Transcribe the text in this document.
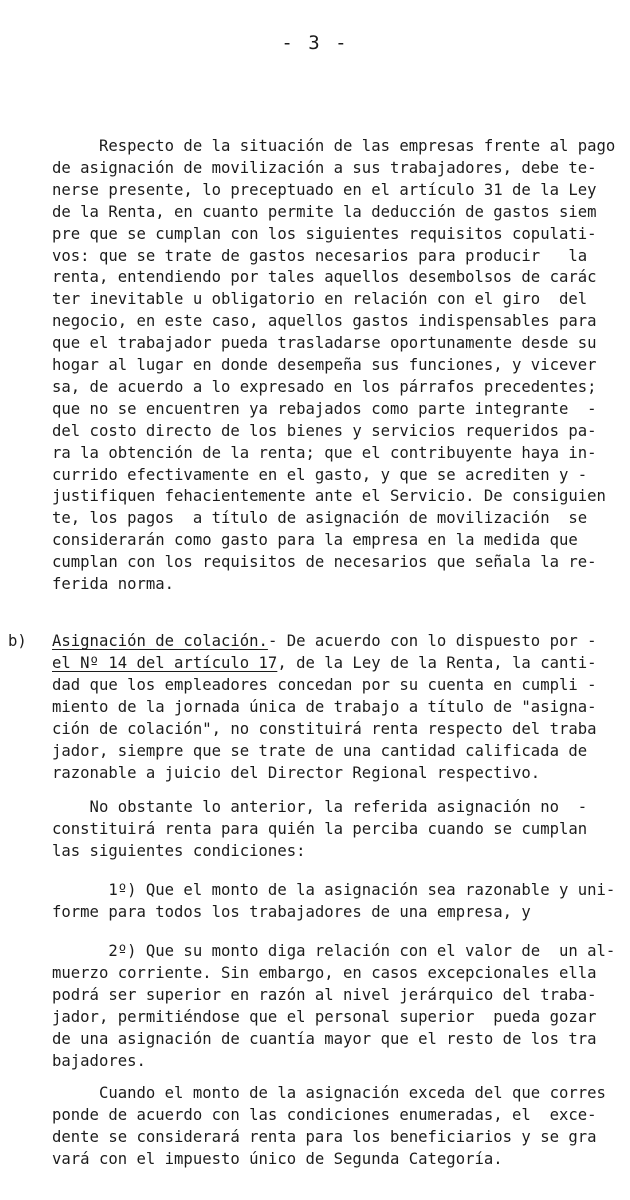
- 3 -
Respecto de la situación de las empresas frente al pago
de asignación de movilización a sus trabajadores, debe te-
nerse presente, lo preceptuado en el artículo 31 de la Ley
de la Renta, en cuanto permite la deducción de gastos siem
pre que se cumplan con los siguientes requisitos copulati-
vos: que se trate de gastos necesarios para producir   la
renta, entendiendo por tales aquellos desembolsos de carác
ter inevitable u obligatorio en relación con el giro  del
negocio, en este caso, aquellos gastos indispensables para
que el trabajador pueda trasladarse oportunamente desde su
hogar al lugar en donde desempeña sus funciones, y vicever
sa, de acuerdo a lo expresado en los párrafos precedentes;
que no se encuentren ya rebajados como parte integrante  -
del costo directo de los bienes y servicios requeridos pa-
ra la obtención de la renta; que el contribuyente haya in-
currido efectivamente en el gasto, y que se acrediten y -
justifiquen fehacientemente ante el Servicio. De consiguien
te, los pagos  a título de asignación de movilización  se
considerarán como gasto para la empresa en la medida que
cumplan con los requisitos de necesarios que señala la re-
ferida norma.
b) Asignación de colación.- De acuerdo con lo dispuesto por -
el Nº 14 del artículo 17, de la Ley de la Renta, la canti-
dad que los empleadores concedan por su cuenta en cumpli -
miento de la jornada única de trabajo a título de "asigna-
ción de colación", no constituirá renta respecto del traba
jador, siempre que se trate de una cantidad calificada de
razonable a juicio del Director Regional respectivo.
No obstante lo anterior, la referida asignación no  -
constituirá renta para quién la perciba cuando se cumplan
las siguientes condiciones:
1º) Que el monto de la asignación sea razonable y uni-
forme para todos los trabajadores de una empresa, y
2º) Que su monto diga relación con el valor de  un al-
muerzo corriente. Sin embargo, en casos excepcionales ella
podrá ser superior en razón al nivel jerárquico del traba-
jador, permitiéndose que el personal superior  pueda gozar
de una asignación de cuantía mayor que el resto de los tra
bajadores.
Cuando el monto de la asignación exceda del que corres
ponde de acuerdo con las condiciones enumeradas, el  exce-
dente se considerará renta para los beneficiarios y se gra
vará con el impuesto único de Segunda Categoría.
